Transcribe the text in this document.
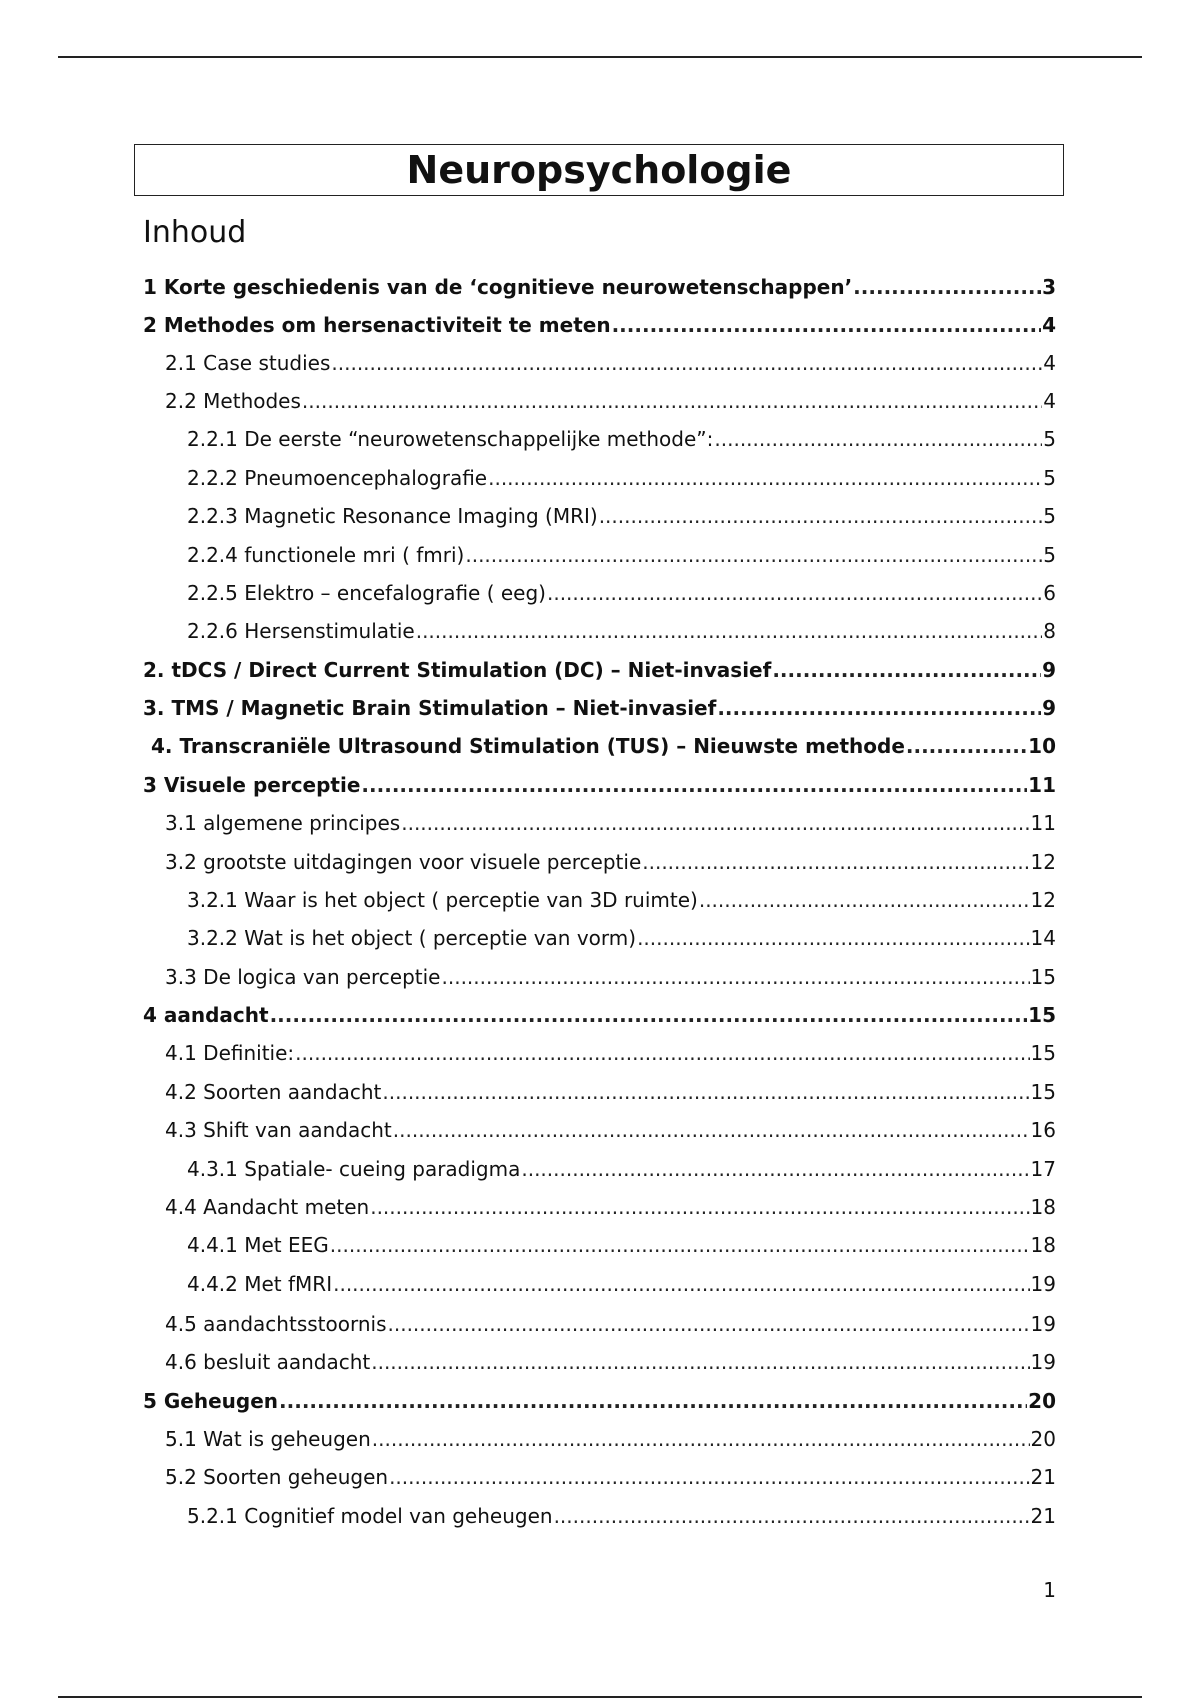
Neuropsychologie
Inhoud
1 Korte geschiedenis van de ‘cognitieve neurowetenschappen’ .....	3
2 Methodes om hersenactiviteit te meten .....	4
2.1 Case studies .....	4
2.2 Methodes .....	4
2.2.1 De eerste “neurowetenschappelijke methode”: .....	5
2.2.2 Pneumoencephalografie .....	5
2.2.3 Magnetic Resonance Imaging (MRI) .....	5
2.2.4 functionele mri ( fmri) .....	5
2.2.5 Elektro – encefalografie ( eeg) .....	6
2.2.6 Hersenstimulatie .....	8
2. tDCS / Direct Current Stimulation (DC) – Niet-invasief .....	9
3. TMS / Magnetic Brain Stimulation – Niet-invasief .....	9
4. Transcraniële Ultrasound Stimulation (TUS) – Nieuwste methode .....	10
3 Visuele perceptie .....	11
3.1 algemene principes .....	11
3.2 grootste uitdagingen voor visuele perceptie .....	12
3.2.1 Waar is het object ( perceptie van 3D ruimte) .....	12
3.2.2 Wat is het object ( perceptie van vorm) .....	14
3.3 De logica van perceptie .....	15
4 aandacht .....	15
4.1 Definitie: .....	15
4.2 Soorten aandacht .....	15
4.3 Shift van aandacht .....	16
4.3.1 Spatiale- cueing paradigma .....	17
4.4 Aandacht meten .....	18
4.4.1 Met EEG .....	18
4.4.2 Met fMRI .....	19
4.5 aandachtsstoornis .....	19
4.6 besluit aandacht .....	19
5 Geheugen .....	20
5.1 Wat is geheugen .....	20
5.2 Soorten geheugen .....	21
5.2.1 Cognitief model van geheugen .....	21
1
